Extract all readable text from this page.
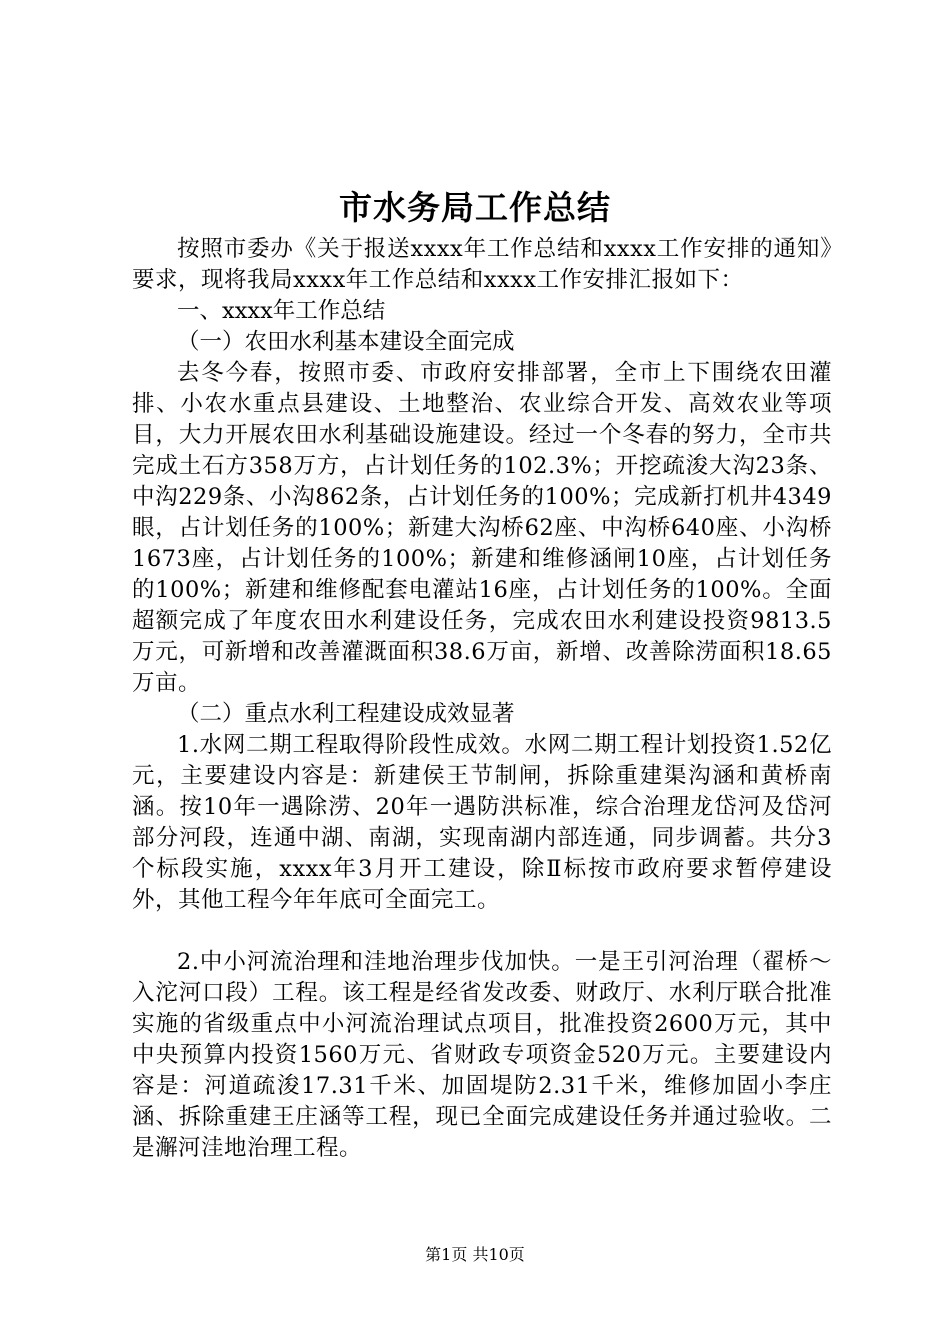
市水务局工作总结

按照市委办《关于报送xxxx年工作总结和xxxx工作安排的通知》要求，现将我局xxxx年工作总结和xxxx工作安排汇报如下：

一、xxxx年工作总结

（一）农田水利基本建设全面完成

去冬今春，按照市委、市政府安排部署，全市上下围绕农田灌排、小农水重点县建设、土地整治、农业综合开发、高效农业等项目，大力开展农田水利基础设施建设。经过一个冬春的努力，全市共完成土石方358万方，占计划任务的102.3%；开挖疏浚大沟23条、中沟229条、小沟862条，占计划任务的100%；完成新打机井4349眼，占计划任务的100%；新建大沟桥62座、中沟桥640座、小沟桥1673座，占计划任务的100%；新建和维修涵闸10座，占计划任务的100%；新建和维修配套电灌站16座，占计划任务的100%。全面超额完成了年度农田水利建设任务，完成农田水利建设投资9813.5万元，可新增和改善灌溉面积38.6万亩，新增、改善除涝面积18.65万亩。

（二）重点水利工程建设成效显著

1.水网二期工程取得阶段性成效。水网二期工程计划投资1.52亿元，主要建设内容是：新建侯王节制闸，拆除重建渠沟涵和黄桥南涵。按10年一遇除涝、20年一遇防洪标准，综合治理龙岱河及岱河部分河段，连通中湖、南湖，实现南湖内部连通，同步调蓄。共分3个标段实施，xxxx年3月开工建设，除Ⅱ标按市政府要求暂停建设外，其他工程今年年底可全面完工。

2.中小河流治理和洼地治理步伐加快。一是王引河治理（翟桥～入沱河口段）工程。该工程是经省发改委、财政厅、水利厅联合批准实施的省级重点中小河流治理试点项目，批准投资2600万元，其中中央预算内投资1560万元、省财政专项资金520万元。主要建设内容是：河道疏浚17.31千米、加固堤防2.31千米，维修加固小李庄涵、拆除重建王庄涵等工程，现已全面完成建设任务并通过验收。二是澥河洼地治理工程。

第1页 共10页
